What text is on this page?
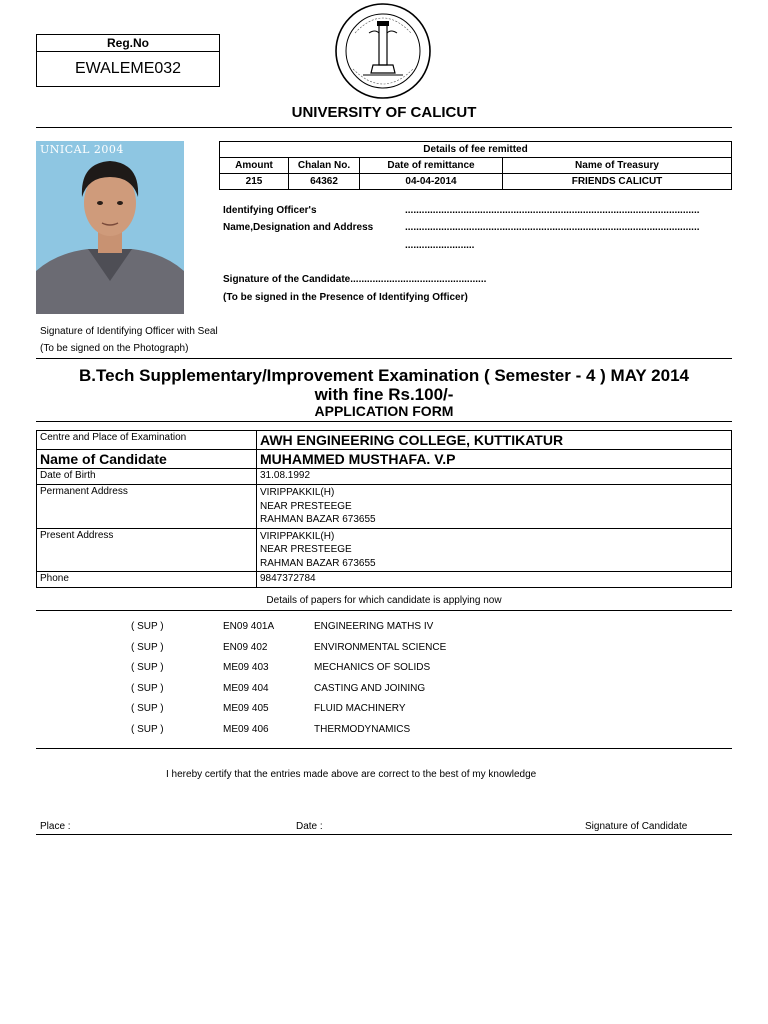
Reg.No
EWALEME032
UNIVERSITY OF CALICUT
UNICAL 2004	Details of fee remitted			
Amount	Chalan No.	Date of remittance	Name of Treasury
215	64362	04-04-2014	FRIENDS CALICUT
Identifying Officer's
Name,Designation and Address
..........................................................................................................
..........................................................................................................
.........................
Signature of the Candidate.................................................
(To be signed in the Presence of Identifying Officer)
Signature of Identifying Officer with Seal
(To be signed on the Photograph)
B.Tech Supplementary/Improvement Examination ( Semester - 4 ) MAY 2014
with fine Rs.100/-
APPLICATION FORM
Centre and Place of Examination	AWH ENGINEERING COLLEGE, KUTTIKATUR
Name of Candidate	MUHAMMED MUSTHAFA. V.P
Date of Birth	31.08.1992
Permanent Address	VIRIPPAKKIL(H)
NEAR PRESTEEGE
RAHMAN BAZAR 673655

Present Address	VIRIPPAKKIL(H)
NEAR PRESTEEGE
RAHMAN BAZAR 673655

Phone	9847372784
Details of papers for which candidate is applying now
( SUP )	EN09 401A	ENGINEERING MATHS IV
( SUP )	EN09 402	ENVIRONMENTAL SCIENCE
( SUP )	ME09 403	MECHANICS OF SOLIDS
( SUP )	ME09 404	CASTING AND JOINING
( SUP )	ME09 405	FLUID MACHINERY
( SUP )	ME09 406	THERMODYNAMICS
I hereby certify that the entries made above are correct to the best of my knowledge
Place :	Date :	Signature of Candidate
